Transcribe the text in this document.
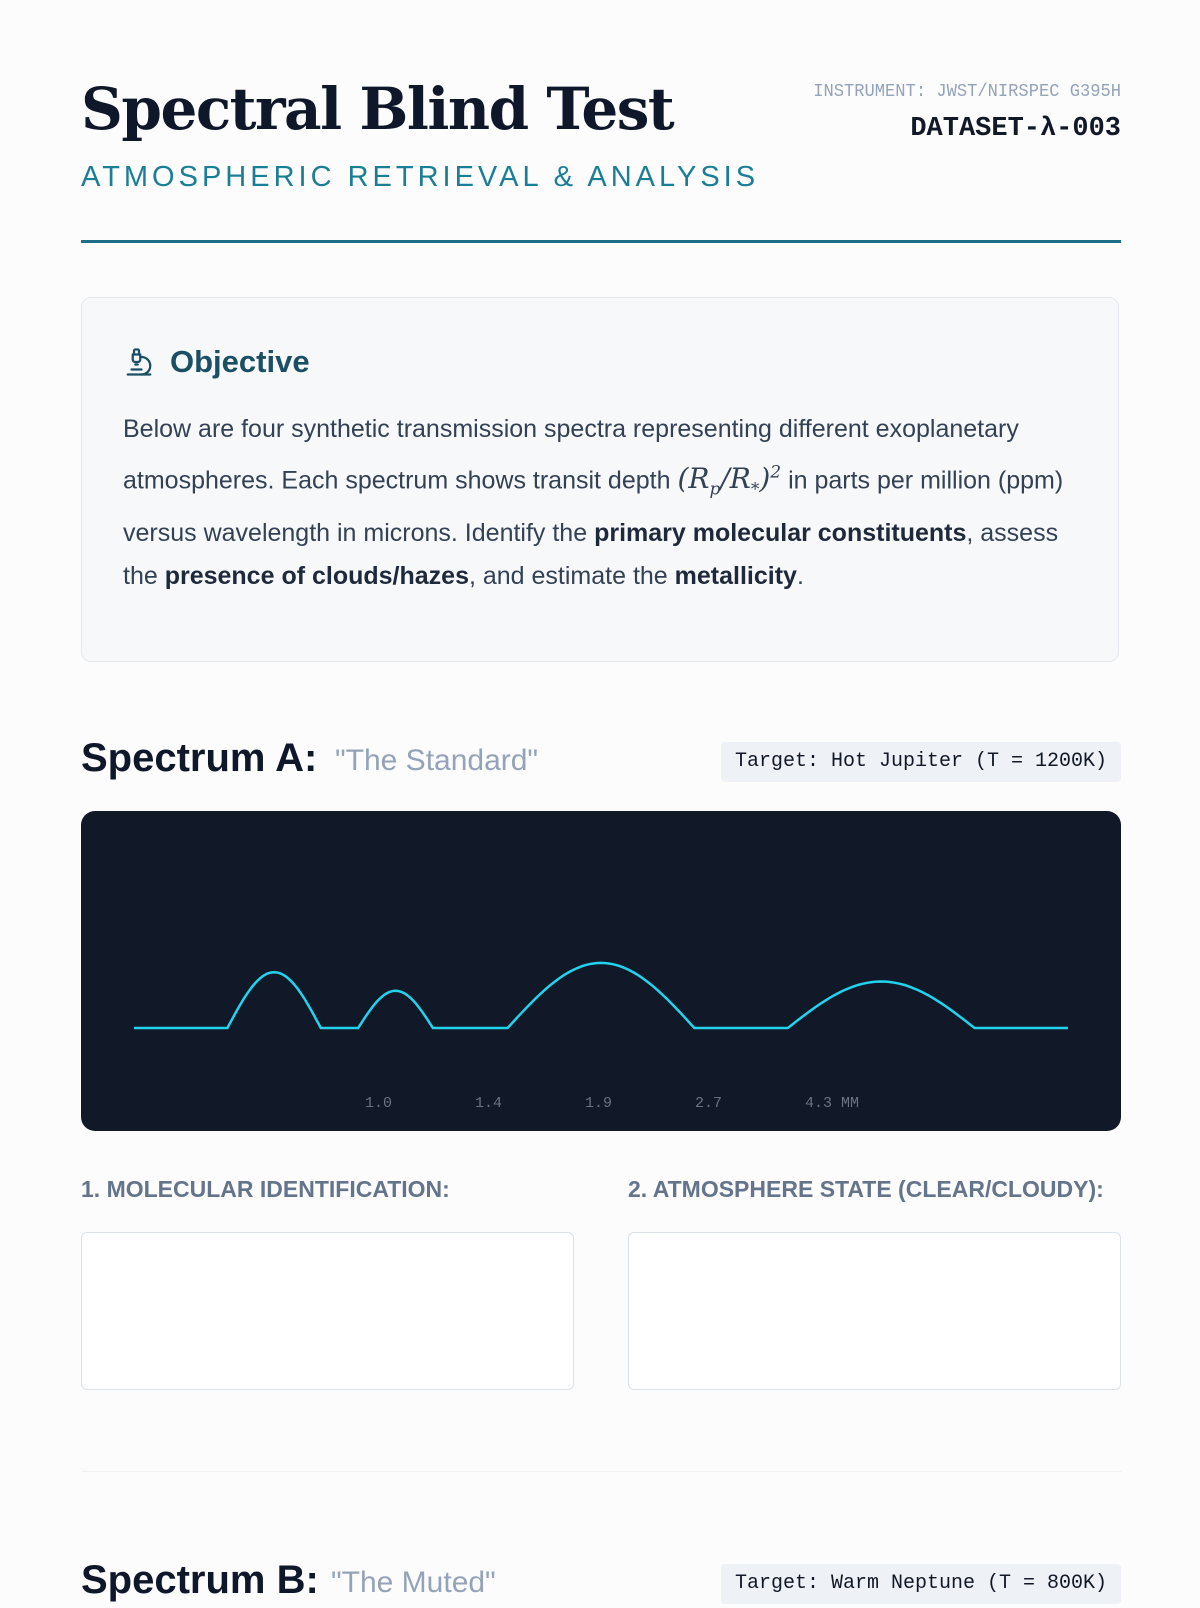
Spectral Blind Test
ATMOSPHERIC RETRIEVAL & ANALYSIS
INSTRUMENT: JWST/NIRSPEC G395H
DATASET-λ-003
Objective
Below are four synthetic transmission spectra representing different exoplanetary atmospheres. Each spectrum shows transit depth $(R_p/R_*)^2$ in parts per million (ppm) versus wavelength in microns. Identify the primary molecular constituents, assess the presence of clouds/hazes, and estimate the metallicity.
Spectrum A: "The Standard"	Target: Hot Jupiter (T = 1200K)
1.0	1.4	1.9	2.7	4.3 MM
1. MOLECULAR IDENTIFICATION:	2. ATMOSPHERE STATE (CLEAR/CLOUDY):
Spectrum B: "The Muted"	Target: Warm Neptune (T = 800K)
